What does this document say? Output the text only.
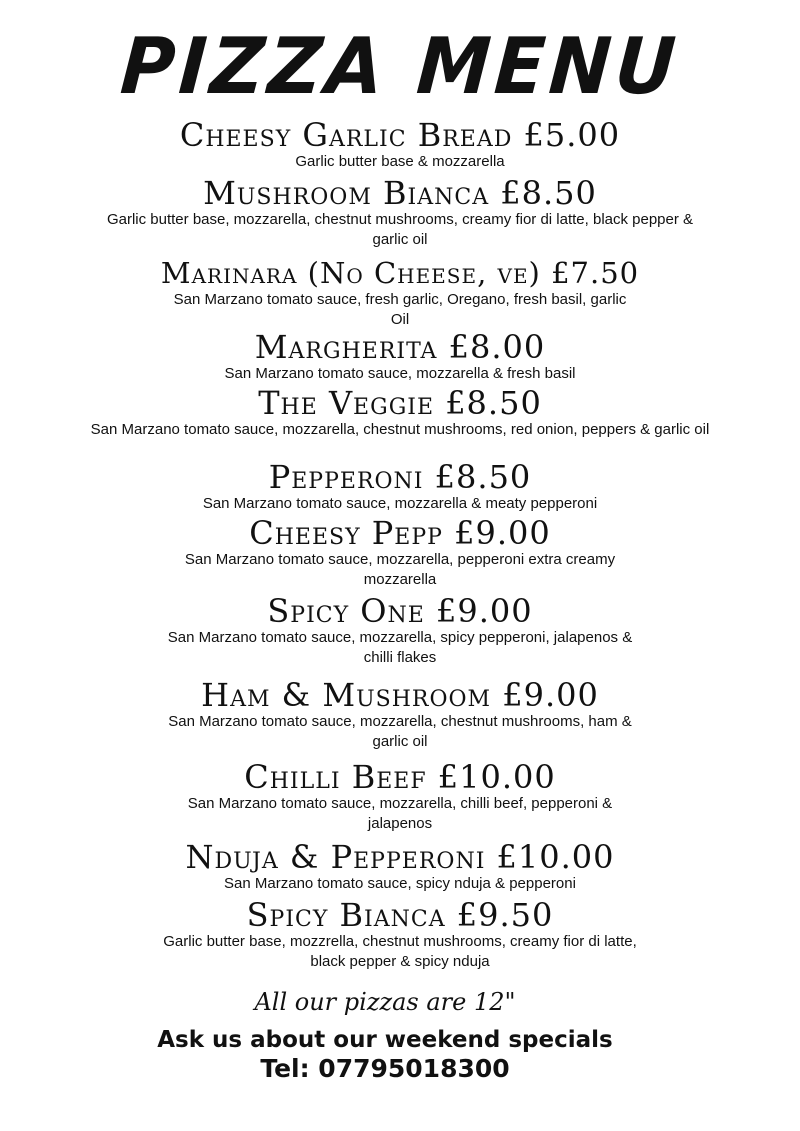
PIZZA MENU
Cheesy Garlic Bread £5.00
Garlic butter base & mozzarella
Mushroom Bianca £8.50
Garlic butter base, mozzarella, chestnut mushrooms, creamy fior di latte, black pepper & garlic oil
Marinara (No Cheese, ve) £7.50
San Marzano tomato sauce, fresh garlic, Oregano, fresh basil, garlic Oil
Margherita £8.00
San Marzano tomato sauce, mozzarella & fresh basil
The Veggie £8.50
San Marzano tomato sauce, mozzarella, chestnut mushrooms, red onion, peppers & garlic oil
Pepperoni £8.50
San Marzano tomato sauce, mozzarella & meaty pepperoni
Cheesy Pepp £9.00
San Marzano tomato sauce, mozzarella, pepperoni extra creamy mozzarella
Spicy One £9.00
San Marzano tomato sauce, mozzarella, spicy pepperoni, jalapenos & chilli flakes
Ham & Mushroom £9.00
San Marzano tomato sauce, mozzarella, chestnut mushrooms, ham & garlic oil
Chilli Beef £10.00
San Marzano tomato sauce, mozzarella, chilli beef, pepperoni & jalapenos
Nduja & Pepperoni £10.00
San Marzano tomato sauce, spicy nduja & pepperoni
Spicy Bianca £9.50
Garlic butter base, mozzrella, chestnut mushrooms, creamy fior di latte, black pepper & spicy nduja
All our pizzas are 12"
Ask us about our weekend specials
Tel: 07795018300
